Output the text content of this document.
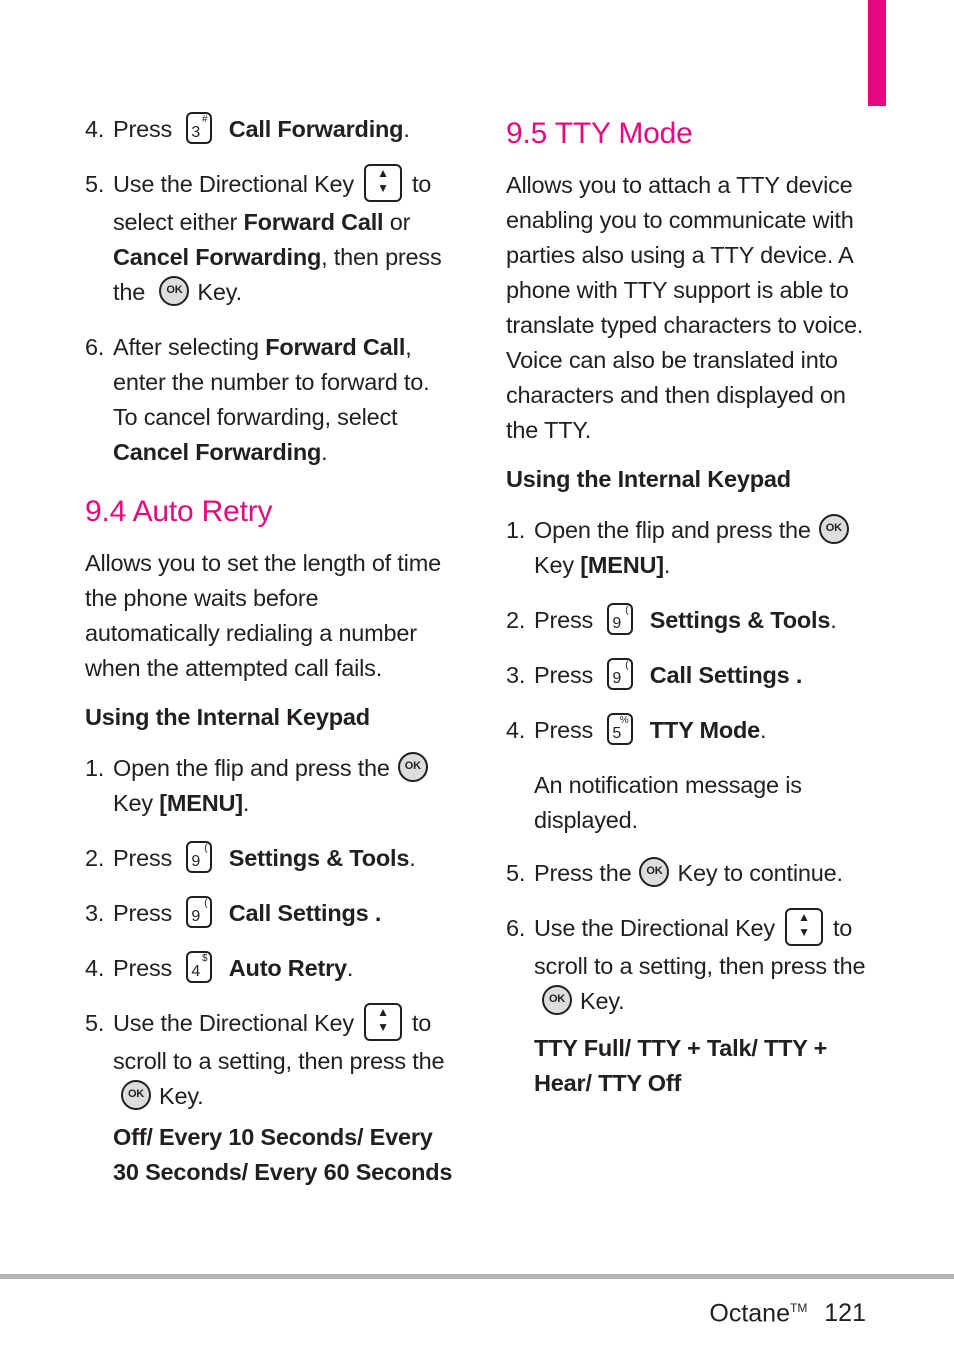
4. Press 3
# Call Forwarding.
5. Use the Directional Key ▲
▼ to select either Forward Call or Cancel Forwarding, then press the OK Key.
6. After selecting Forward Call, enter the number to forward to. To cancel forwarding, select Cancel Forwarding.
9.4 Auto Retry
Allows you to set the length of time the phone waits before automatically redialing a number when the attempted call fails.
Using the Internal Keypad
1. Open the flip and press the OK Key [MENU].
2. Press 9
( Settings & Tools.
3. Press 9
( Call Settings .
4. Press 4
$ Auto Retry.
5. Use the Directional Key ▲
▼ to scroll to a setting, then press the OK Key.
Off/ Every 10 Seconds/ Every 30 Seconds/ Every 60 Seconds
9.5 TTY Mode
Allows you to attach a TTY device enabling you to communicate with parties also using a TTY device. A phone with TTY support is able to translate typed characters to voice. Voice can also be translated into characters and then displayed on the TTY.
Using the Internal Keypad
1. Open the flip and press the OK Key [MENU].
2. Press 9
( Settings & Tools.
3. Press 9
( Call Settings .
4. Press 5
% TTY Mode.
An notification message is displayed.
5. Press the OK Key to continue.
6. Use the Directional Key ▲
▼ to scroll to a setting, then press the OK Key.
TTY Full/ TTY + Talk/ TTY + Hear/ TTY Off
Octane™ 121
